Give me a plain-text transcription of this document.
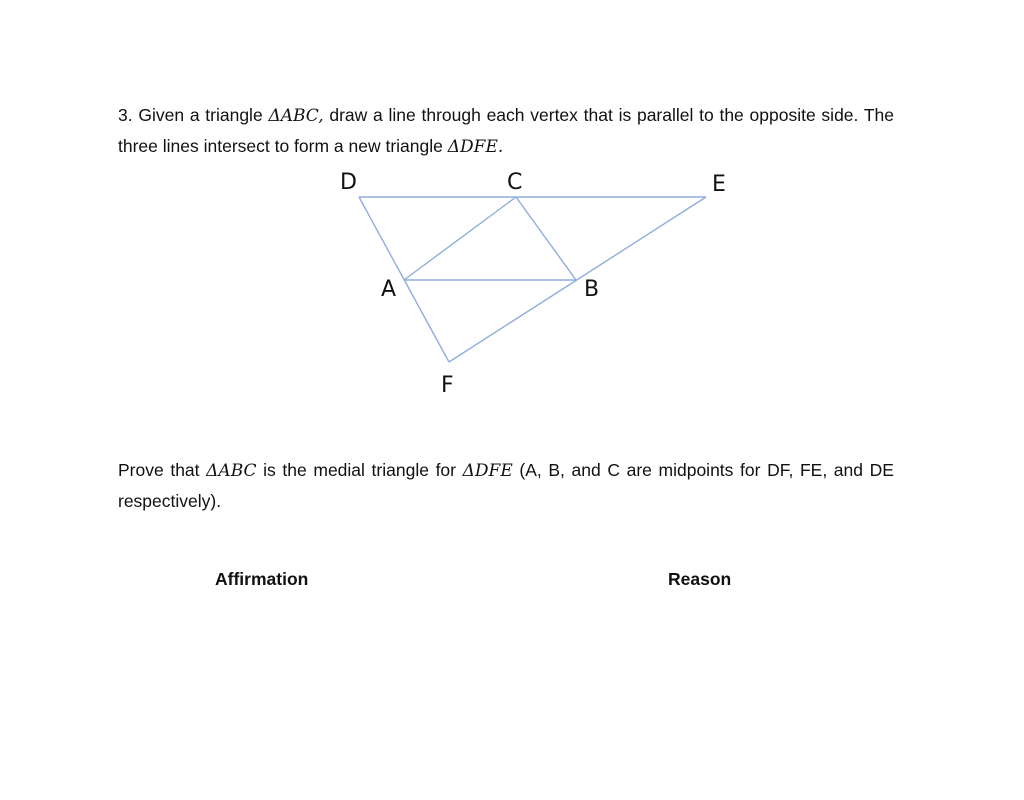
3. Given a triangle ΔABC, draw a line through each vertex that is parallel to the opposite side. The three lines intersect to form a new triangle ΔDFE.
D	C	E
A	B
F
Prove that ΔABC is the medial triangle for ΔDFE (A, B, and C are midpoints for DF, FE, and DE respectively).
Affirmation	Reason
